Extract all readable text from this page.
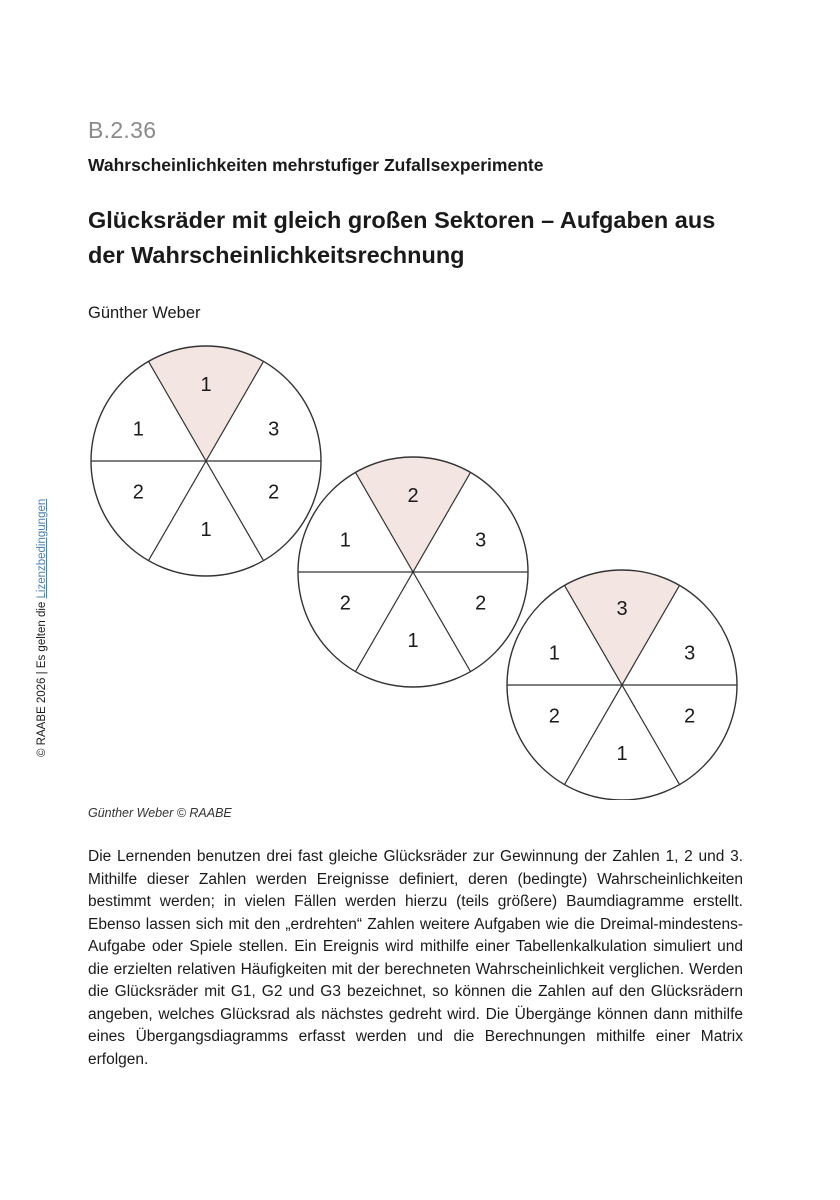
B.2.36
Wahrscheinlichkeiten mehrstufiger Zufallsexperimente
Glücksräder mit gleich großen Sektoren – Aufgaben aus der Wahrscheinlichkeitsrechnung
Günther Weber
© RAABE 2026 | Es gelten die Lizenzbedingungen
1
3
2
1
2
1
2
3
2
1
2
1
3
3
2
1
2
1
Günther Weber © RAABE
Die Lernenden benutzen drei fast gleiche Glücksräder zur Gewinnung der Zahlen 1, 2 und 3. Mithilfe dieser Zahlen werden Ereignisse definiert, deren (bedingte) Wahrscheinlichkeiten bestimmt werden; in vielen Fällen werden hierzu (teils größere) Baumdiagramme erstellt. Ebenso lassen sich mit den „erdrehten“ Zahlen weitere Aufgaben wie die Dreimal-mindestens-Aufgabe oder Spiele stellen. Ein Ereignis wird mithilfe einer Tabellenkalkulation simuliert und die erzielten relativen Häufigkeiten mit der berechneten Wahrscheinlichkeit verglichen. Werden die Glücksräder mit G1, G2 und G3 bezeichnet, so können die Zahlen auf den Glücksrädern angeben, welches Glücksrad als nächstes gedreht wird. Die Übergänge können dann mithilfe eines Übergangsdiagramms erfasst werden und die Berechnungen mithilfe einer Matrix erfolgen.
